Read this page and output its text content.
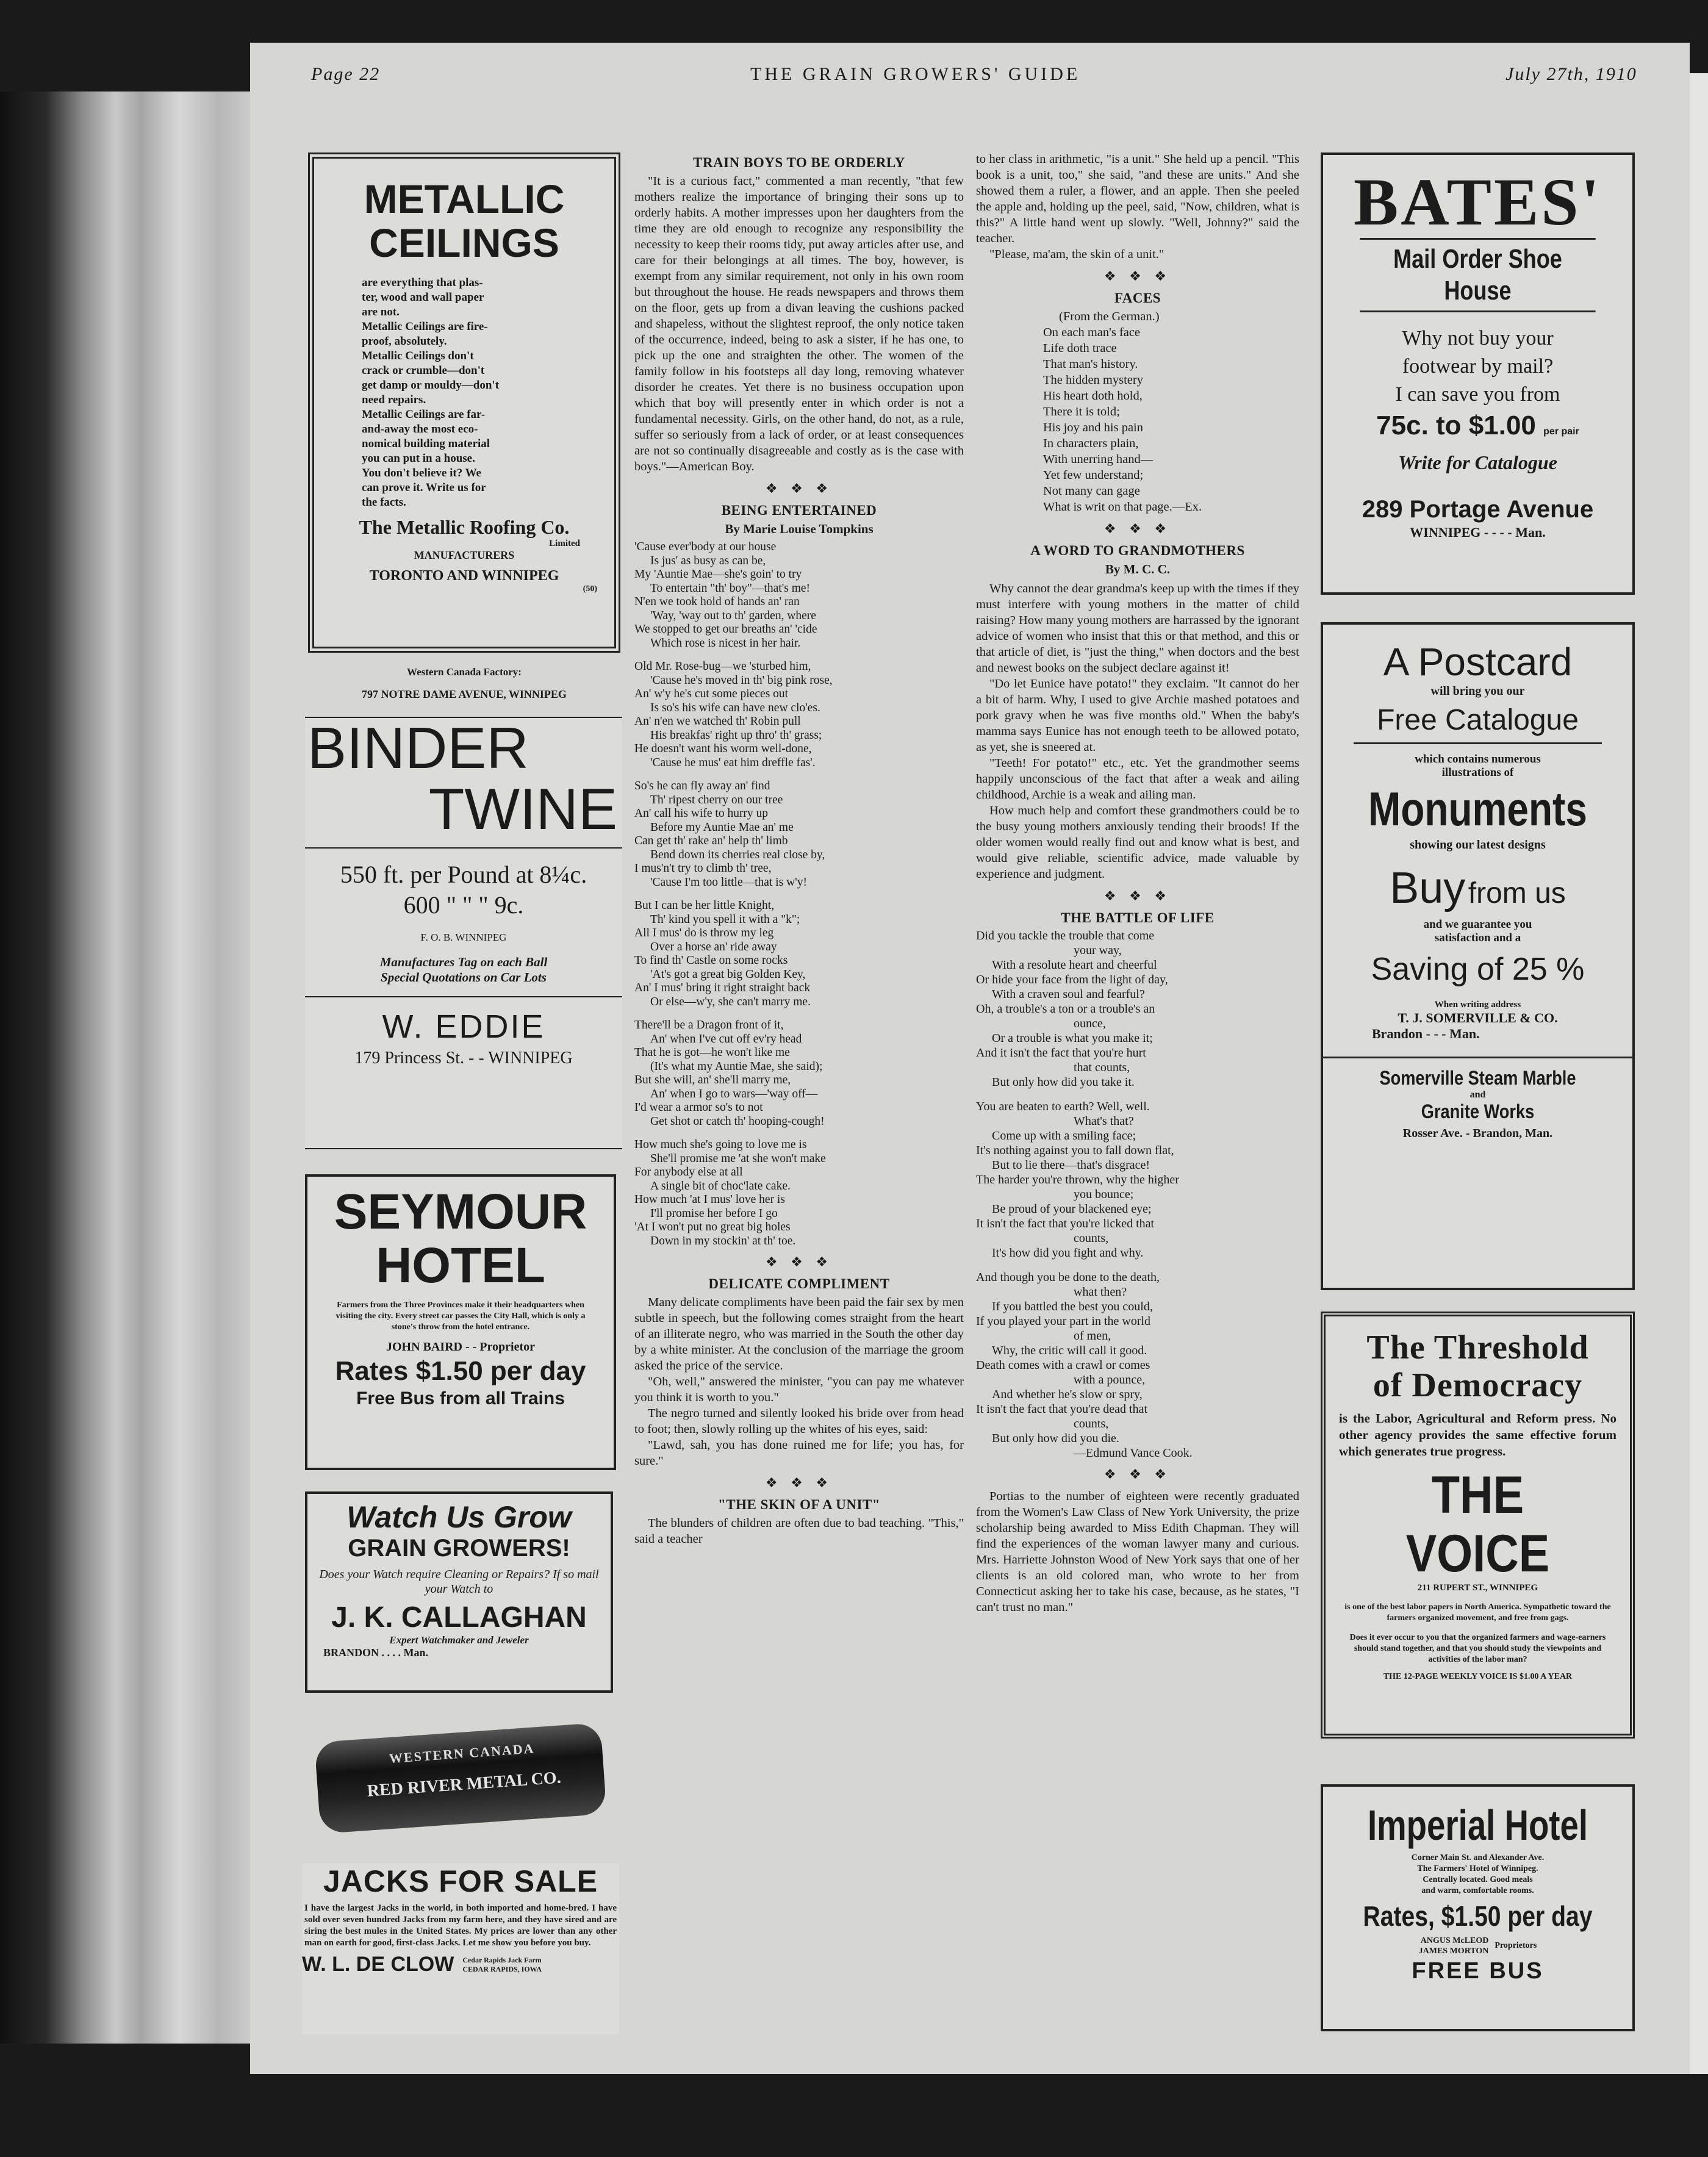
Page 22	THE GRAIN GROWERS' GUIDE	July 27th, 1910
METALLIC
CEILINGS
are everything that plas-
ter, wood and wall paper
are not.
Metallic Ceilings are fire-
proof, absolutely.
Metallic Ceilings don't
crack or crumble—don't
get damp or mouldy—don't
need repairs.
Metallic Ceilings are far-
and-away the most eco-
nomical building material
you can put in a house.
You don't believe it? We
can prove it. Write us for
the facts.
The Metallic Roofing Co.
Limited
MANUFACTURERS
TORONTO AND WINNIPEG
(50)
Western Canada Factory:
797 NOTRE DAME AVENUE, WINNIPEG
BINDER
TWINE
550 ft. per Pound at 8¼c.
600 " " " 9c.
F. O. B. WINNIPEG
Manufactures Tag on each Ball
Special Quotations on Car Lots
W. EDDIE
179 Princess St. - - WINNIPEG
SEYMOUR
HOTEL
Farmers from the Three Provinces make it their headquarters when visiting the city. Every street car passes the City Hall, which is only a stone's throw from the hotel entrance.
JOHN BAIRD - - Proprietor
Rates $1.50 per day
Free Bus from all Trains
Watch Us Grow
GRAIN GROWERS!
Does your Watch require Cleaning or Repairs? If so mail your Watch to
J. K. CALLAGHAN
Expert Watchmaker and Jeweler
BRANDON . . . . Man.
WESTERN CANADA
RED RIVER METAL CO.
JACKS FOR SALE
I have the largest Jacks in the world, in both imported and home-bred. I have sold over seven hundred Jacks from my farm here, and they have sired and are siring the best mules in the United States. My prices are lower than any other man on earth for good, first-class Jacks. Let me show you before you buy.
W. L. DE CLOW Cedar Rapids Jack Farm
CEDAR RAPIDS, IOWA
TRAIN BOYS TO BE ORDERLY

"It is a curious fact," commented a man recently, "that few mothers realize the importance of bringing their sons up to orderly habits. A mother impresses upon her daughters from the time they are old enough to recognize any responsibility the necessity to keep their rooms tidy, put away articles after use, and care for their belongings at all times. The boy, however, is exempt from any similar requirement, not only in his own room but throughout the house. He reads newspapers and throws them on the floor, gets up from a divan leaving the cushions packed and shapeless, without the slightest reproof, the only notice taken of the occurrence, indeed, being to ask a sister, if he has one, to pick up the one and straighten the other. The women of the family follow in his footsteps all day long, removing whatever disorder he creates. Yet there is no business occupation upon which that boy will presently enter in which order is not a fundamental necessity. Girls, on the other hand, do not, as a rule, suffer so seriously from a lack of order, or at least consequences are not so continually disagreeable and costly as is the case with boys."—American Boy.

❖ ❖ ❖
BEING ENTERTAINED
By Marie Louise Tompkins
'Cause ever'body at our house
Is jus' as busy as can be,
My 'Auntie Mae—she's goin' to try
To entertain "th' boy"—that's me!
N'en we took hold of hands an' ran
'Way, 'way out to th' garden, where
We stopped to get our breaths an' 'cide
Which rose is nicest in her hair.
Old Mr. Rose-bug—we 'sturbed him,
'Cause he's moved in th' big pink rose,
An' w'y he's cut some pieces out
Is so's his wife can have new clo'es.
An' n'en we watched th' Robin pull
His breakfas' right up thro' th' grass;
He doesn't want his worm well-done,
'Cause he mus' eat him dreffle fas'.
So's he can fly away an' find
Th' ripest cherry on our tree
An' call his wife to hurry up
Before my Auntie Mae an' me
Can get th' rake an' help th' limb
Bend down its cherries real close by,
I mus'n't try to climb th' tree,
'Cause I'm too little—that is w'y!
But I can be her little Knight,
Th' kind you spell it with a "k";
All I mus' do is throw my leg
Over a horse an' ride away
To find th' Castle on some rocks
'At's got a great big Golden Key,
An' I mus' bring it right straight back
Or else—w'y, she can't marry me.
There'll be a Dragon front of it,
An' when I've cut off ev'ry head
That he is got—he won't like me
(It's what my Auntie Mae, she said);
But she will, an' she'll marry me,
An' when I go to wars—'way off—
I'd wear a armor so's to not
Get shot or catch th' hooping-cough!
How much she's going to love me is
She'll promise me 'at she won't make
For anybody else at all
A single bit of choc'late cake.
How much 'at I mus' love her is
I'll promise her before I go
'At I won't put no great big holes
Down in my stockin' at th' toe.
❖ ❖ ❖
DELICATE COMPLIMENT

Many delicate compliments have been paid the fair sex by men subtle in speech, but the following comes straight from the heart of an illiterate negro, who was married in the South the other day by a white minister. At the conclusion of the marriage the groom asked the price of the service.

"Oh, well," answered the minister, "you can pay me whatever you think it is worth to you."

The negro turned and silently looked his bride over from head to foot; then, slowly rolling up the whites of his eyes, said:

"Lawd, sah, you has done ruined me for life; you has, for sure."

❖ ❖ ❖
"THE SKIN OF A UNIT"

The blunders of children are often due to bad teaching. "This," said a teacher

to her class in arithmetic, "is a unit." She held up a pencil. "This book is a unit, too," she said, "and these are units." And she showed them a ruler, a flower, and an apple. Then she peeled the apple and, holding up the peel, said, "Now, children, what is this?" A little hand went up slowly. "Well, Johnny?" said the teacher.

"Please, ma'am, the skin of a unit."

❖ ❖ ❖
FACES
(From the German.)
On each man's face
Life doth trace
That man's history.
The hidden mystery
His heart doth hold,
There it is told;
His joy and his pain
In characters plain,
With unerring hand—
Yet few understand;
Not many can gage
What is writ on that page.—Ex.
❖ ❖ ❖
A WORD TO GRANDMOTHERS
By M. C. C.

Why cannot the dear grandma's keep up with the times if they must interfere with young mothers in the matter of child raising? How many young mothers are harrassed by the ignorant advice of women who insist that this or that method, and this or that article of diet, is "just the thing," when doctors and the best and newest books on the subject declare against it!

"Do let Eunice have potato!" they exclaim. "It cannot do her a bit of harm. Why, I used to give Archie mashed potatoes and pork gravy when he was five months old." When the baby's mamma says Eunice has not enough teeth to be allowed potato, as yet, she is sneered at.

"Teeth! For potato!" etc., etc. Yet the grandmother seems happily unconscious of the fact that after a weak and ailing childhood, Archie is a weak and ailing man.

How much help and comfort these grandmothers could be to the busy young mothers anxiously tending their broods! If the older women would really find out and know what is best, and would give reliable, scientific advice, made valuable by experience and judgment.

❖ ❖ ❖
THE BATTLE OF LIFE
Did you tackle the trouble that come
your way,
With a resolute heart and cheerful
Or hide your face from the light of day,
With a craven soul and fearful?
Oh, a trouble's a ton or a trouble's an
ounce,
Or a trouble is what you make it;
And it isn't the fact that you're hurt
that counts,
But only how did you take it.
You are beaten to earth? Well, well.
What's that?
Come up with a smiling face;
It's nothing against you to fall down flat,
But to lie there—that's disgrace!
The harder you're thrown, why the higher
you bounce;
Be proud of your blackened eye;
It isn't the fact that you're licked that
counts,
It's how did you fight and why.
And though you be done to the death,
what then?
If you battled the best you could,
If you played your part in the world
of men,
Why, the critic will call it good.
Death comes with a crawl or comes
with a pounce,
And whether he's slow or spry,
It isn't the fact that you're dead that
counts,
But only how did you die.
—Edmund Vance Cook.
❖ ❖ ❖

Portias to the number of eighteen were recently graduated from the Women's Law Class of New York University, the prize scholarship being awarded to Miss Edith Chapman. They will find the experiences of the woman lawyer many and curious. Mrs. Harriette Johnston Wood of New York says that one of her clients is an old colored man, who wrote to her from Connecticut asking her to take his case, because, as he states, "I can't trust no man."

BATES'
Mail Order Shoe House
Why not buy your
footwear by mail?
I can save you from
75c. to $1.00 per pair
Write for Catalogue
289 Portage Avenue
WINNIPEG - - - - Man.
A Postcard
will bring you our
Free Catalogue
which contains numerous
illustrations of
Monuments
showing our latest designs
Buy from us
and we guarantee you
satisfaction and a
Saving of 25 %
When writing address
T. J. SOMERVILLE & CO.
Brandon - - - Man.
Somerville Steam Marble
and
Granite Works
Rosser Ave. - Brandon, Man.
The Threshold
of Democracy
is the Labor, Agricultural and Reform press. No other agency provides the same effective forum which generates true progress.
THE VOICE
211 RUPERT ST., WINNIPEG
is one of the best labor papers in North America. Sympathetic toward the farmers organized movement, and free from gags.
Does it ever occur to you that the organized farmers and wage-earners should stand together, and that you should study the viewpoints and activities of the labor man?
THE 12-PAGE WEEKLY VOICE IS $1.00 A YEAR
Imperial Hotel
Corner Main St. and Alexander Ave.
The Farmers' Hotel of Winnipeg.
Centrally located. Good meals
and warm, comfortable rooms.
Rates, $1.50 per day
ANGUS McLEOD
JAMES MORTON
Proprietors
FREE BUS
